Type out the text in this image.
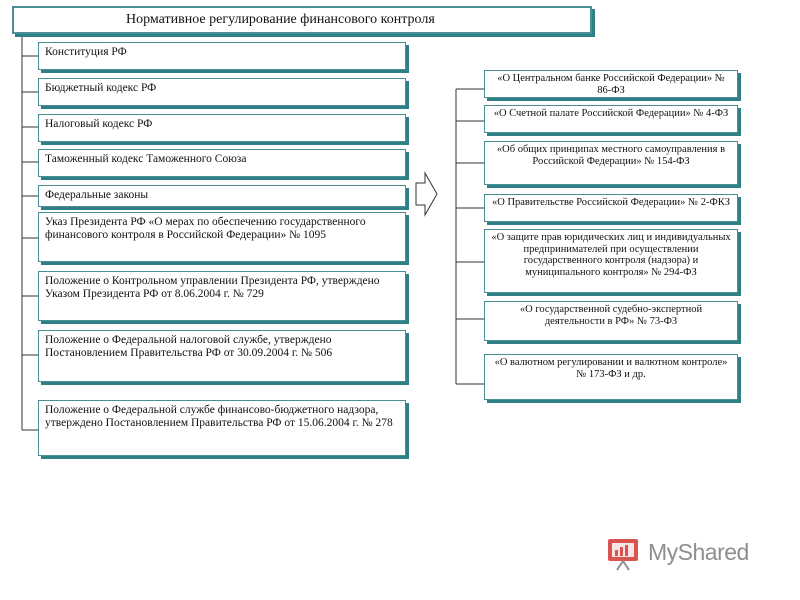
Нормативное регулирование финансового контроля
Конституция РФ
Бюджетный кодекс РФ
Налоговый кодекс РФ
Таможенный кодекс Таможенного Союза
Федеральные законы
Указ Президента РФ «О мерах по обеспечению государственного финансового контроля в Российской Федерации» № 1095
Положение о Контрольном управлении Президента РФ, утверждено Указом Президента РФ от 8.06.2004 г. № 729
Положение о Федеральной налоговой службе, утверждено Постановлением Правительства РФ от 30.09.2004 г. № 506
Положение о Федеральной службе финансово-бюджетного надзора, утверждено Постановлением Правительства РФ от 15.06.2004 г. № 278
«О Центральном банке Российской Федерации» № 86-ФЗ
«О Счетной палате Российской Федерации» № 4-ФЗ
«Об общих принципах местного самоуправления в Российской Федерации» № 154-ФЗ
«О Правительстве Российской Федерации» № 2-ФКЗ
«О защите прав юридических лиц и индивидуальных предпринимателей при осуществлении государственного контроля (надзора) и муниципального контроля» № 294-ФЗ
«О государственной судебно-экспертной деятельности в РФ» № 73-ФЗ
«О валютном регулировании и валютном контроле» № 173-ФЗ и др.
MyShared
